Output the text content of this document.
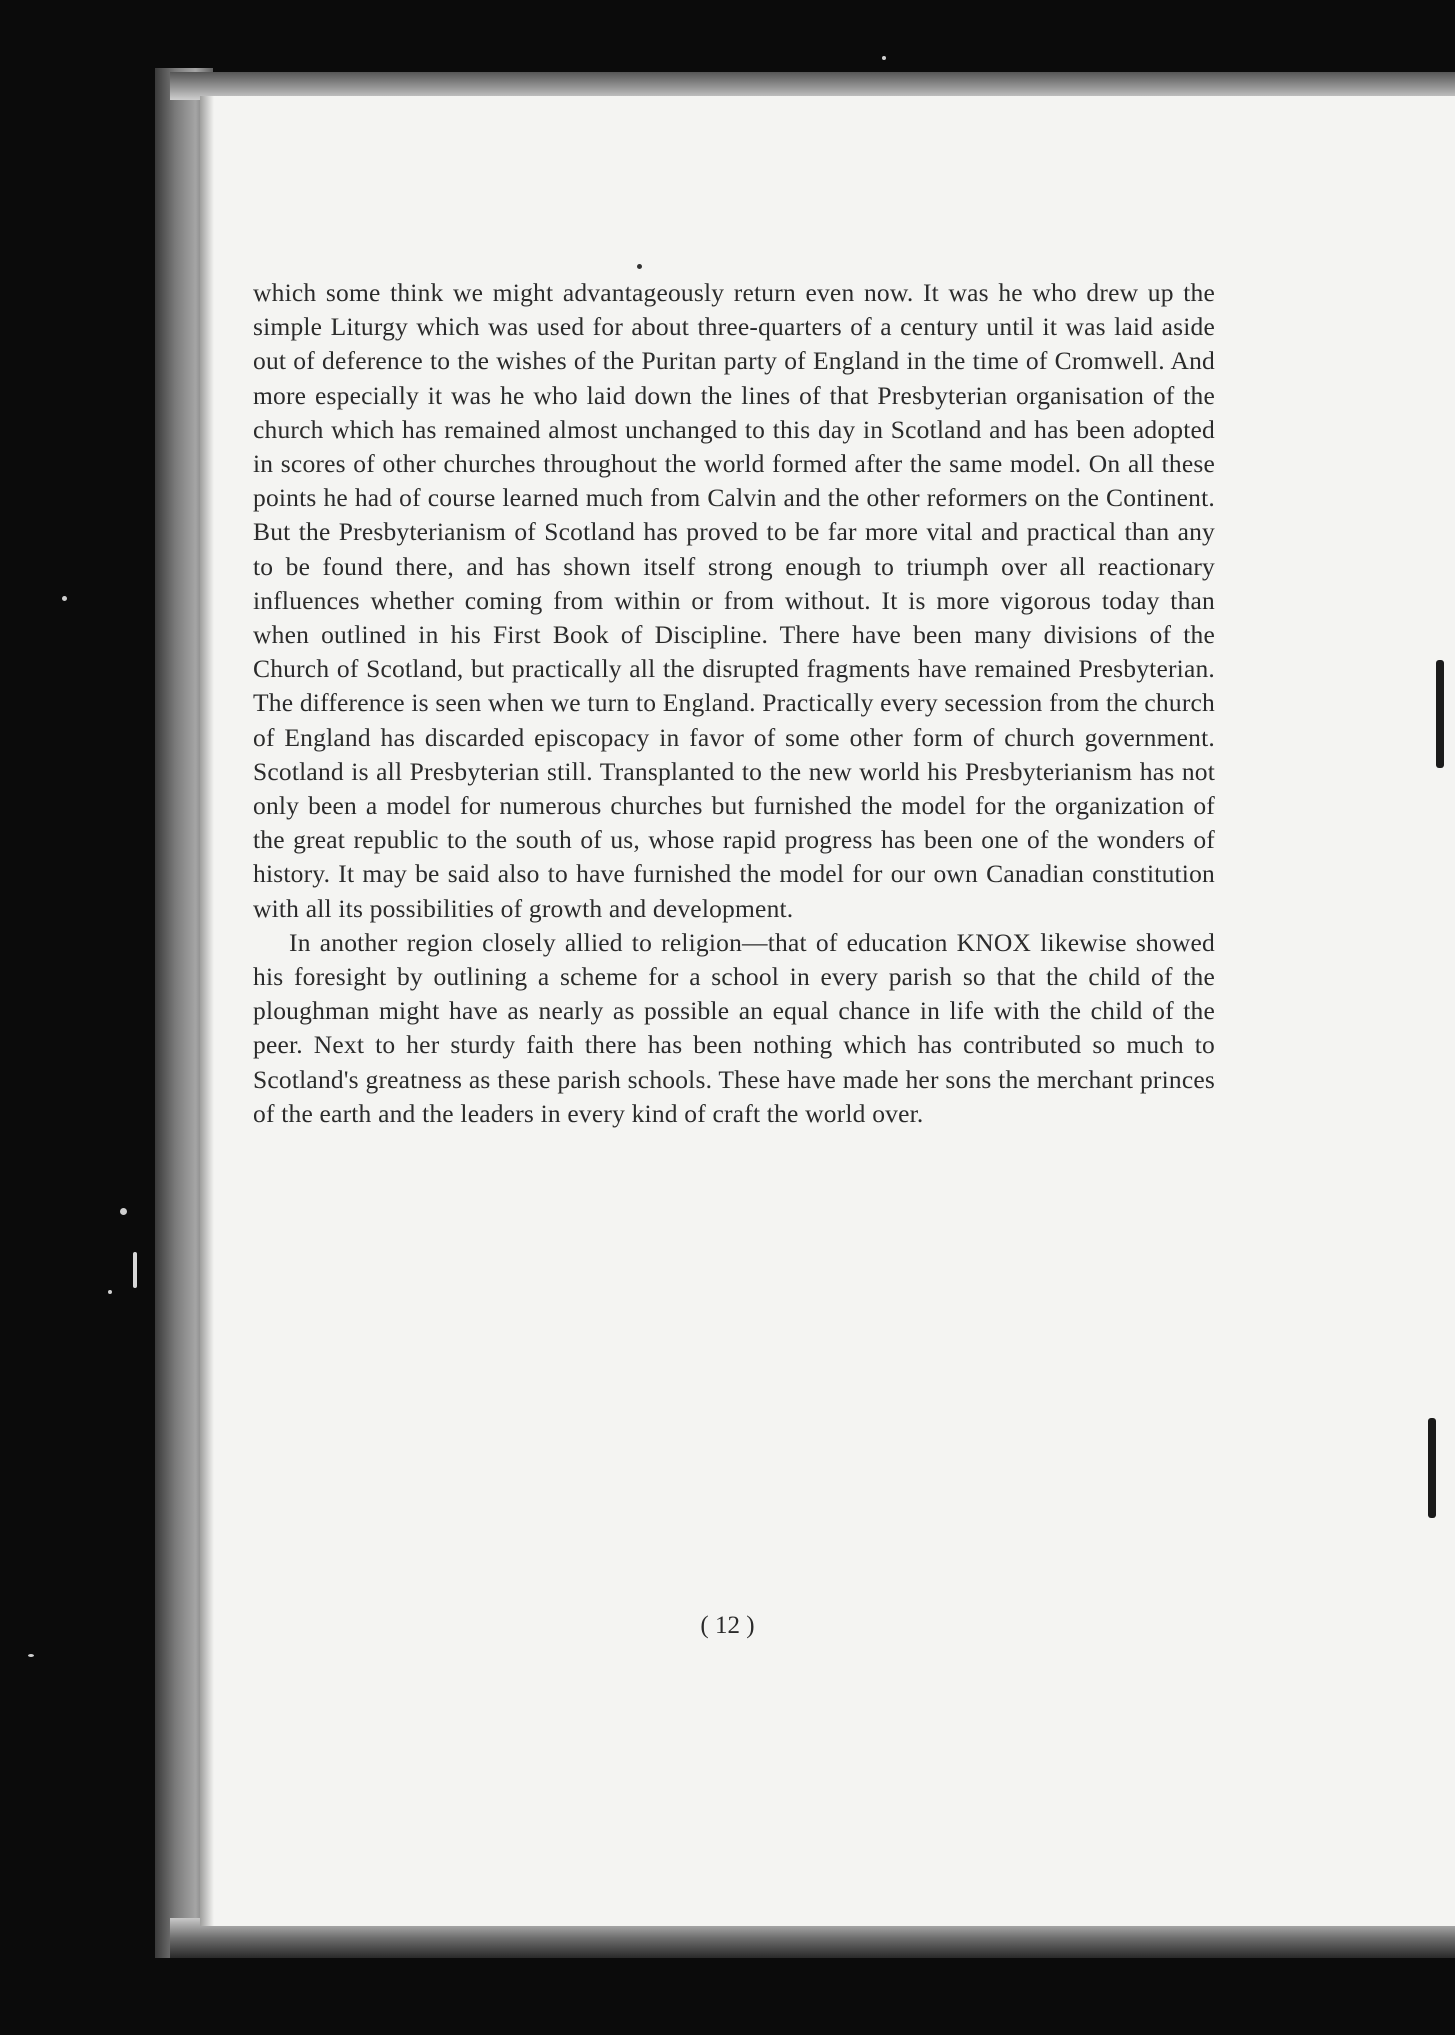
which some think we might advantageously return even now. It was he who drew up the simple Liturgy which was used for about three-quarters of a century until it was laid aside out of deference to the wishes of the Puritan party of England in the time of Cromwell. And more especially it was he who laid down the lines of that Presbyterian organisation of the church which has remained almost unchanged to this day in Scotland and has been adopted in scores of other churches throughout the world formed after the same model. On all these points he had of course learned much from Calvin and the other reformers on the Continent. But the Presbyterianism of Scotland has proved to be far more vital and practical than any to be found there, and has shown itself strong enough to triumph over all reactionary influences whether coming from within or from without. It is more vigorous today than when outlined in his First Book of Discipline. There have been many divisions of the Church of Scotland, but practically all the disrupted fragments have remained Presbyterian. The difference is seen when we turn to England. Practically every secession from the church of England has discarded episcopacy in favor of some other form of church government. Scotland is all Presbyterian still. Transplanted to the new world his Presbyterianism has not only been a model for numerous churches but furnished the model for the organization of the great republic to the south of us, whose rapid progress has been one of the wonders of history. It may be said also to have furnished the model for our own Canadian constitution with all its possibilities of growth and development.

In another region closely allied to religion—that of education KNOX likewise showed his foresight by outlining a scheme for a school in every parish so that the child of the ploughman might have as nearly as possible an equal chance in life with the child of the peer. Next to her sturdy faith there has been nothing which has contributed so much to Scotland's greatness as these parish schools. These have made her sons the merchant princes of the earth and the leaders in every kind of craft the world over.

( 12 )
